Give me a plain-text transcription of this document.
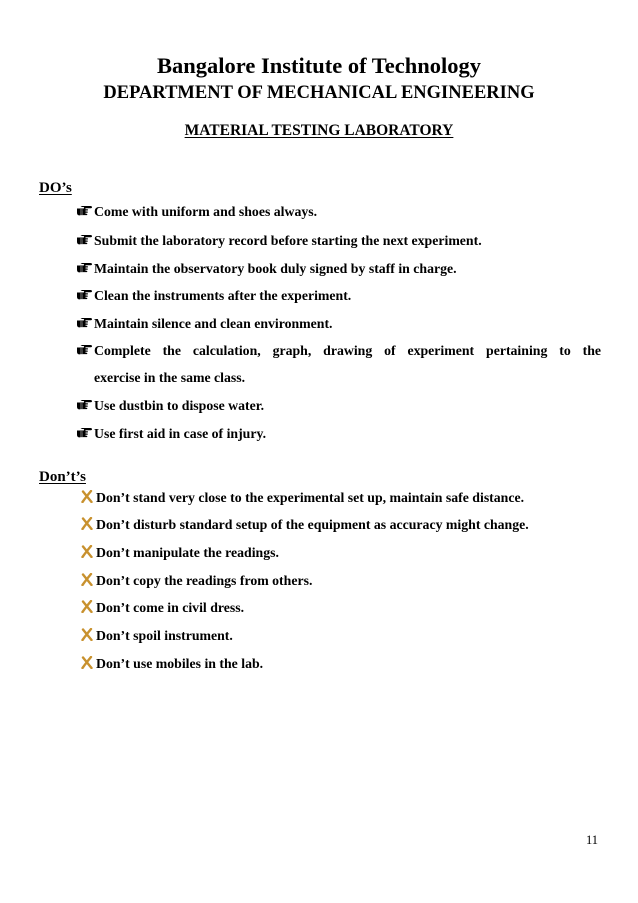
Bangalore Institute of Technology
DEPARTMENT OF MECHANICAL ENGINEERING
MATERIAL TESTING LABORATORY
DO’s
Come with uniform and shoes always.
Submit the laboratory record before starting the next experiment.
Maintain the observatory book duly signed by staff in charge.
Clean the instruments after the experiment.
Maintain silence and clean environment.
Complete the calculation, graph, drawing of experiment pertaining to the
exercise in the same class.
Use dustbin to dispose water.
Use first aid in case of injury.
Don’t’s
Don’t stand very close to the experimental set up, maintain safe distance.
Don’t disturb standard setup of the equipment as accuracy might change.
Don’t manipulate the readings.
Don’t copy the readings from others.
Don’t come in civil dress.
Don’t spoil instrument.
Don’t use mobiles in the lab.
11
